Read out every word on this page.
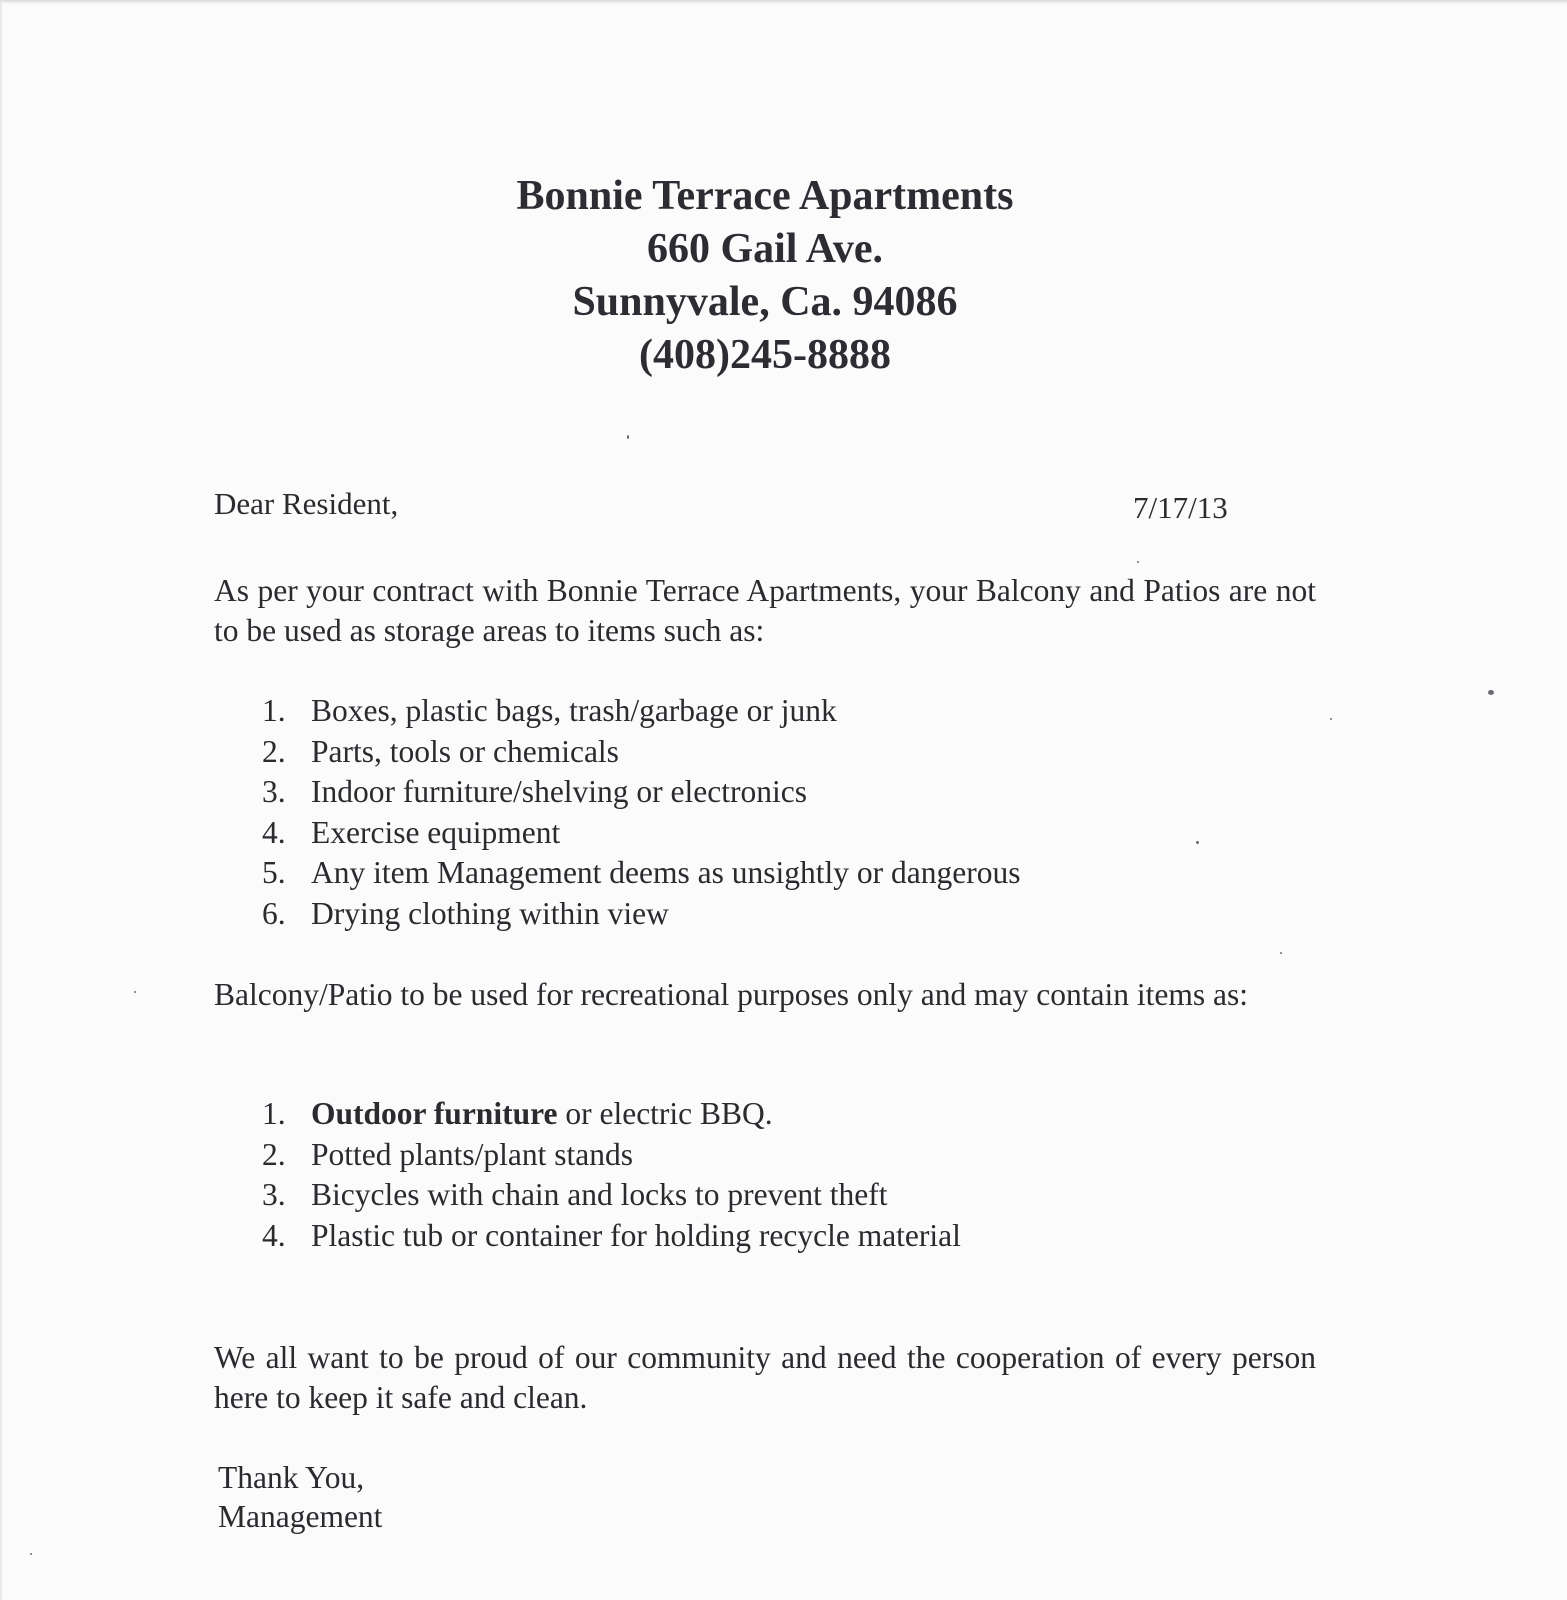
Bonnie Terrace Apartments
660 Gail Ave.
Sunnyvale, Ca. 94086
(408)245-8888
Dear Resident,	7/17/13
As per your contract with Bonnie Terrace Apartments, your Balcony and Patios are not to be used as storage areas to items such as:
1. Boxes, plastic bags, trash/garbage or junk
2. Parts, tools or chemicals
3. Indoor furniture/shelving or electronics
4. Exercise equipment
5. Any item Management deems as unsightly or dangerous
6. Drying clothing within view
Balcony/Patio to be used for recreational purposes only and may contain items as:
1. Outdoor furniture or electric BBQ.
2. Potted plants/plant stands
3. Bicycles with chain and locks to prevent theft
4. Plastic tub or container for holding recycle material
We all want to be proud of our community and need the cooperation of every person here to keep it safe and clean.
Thank You,
Management
